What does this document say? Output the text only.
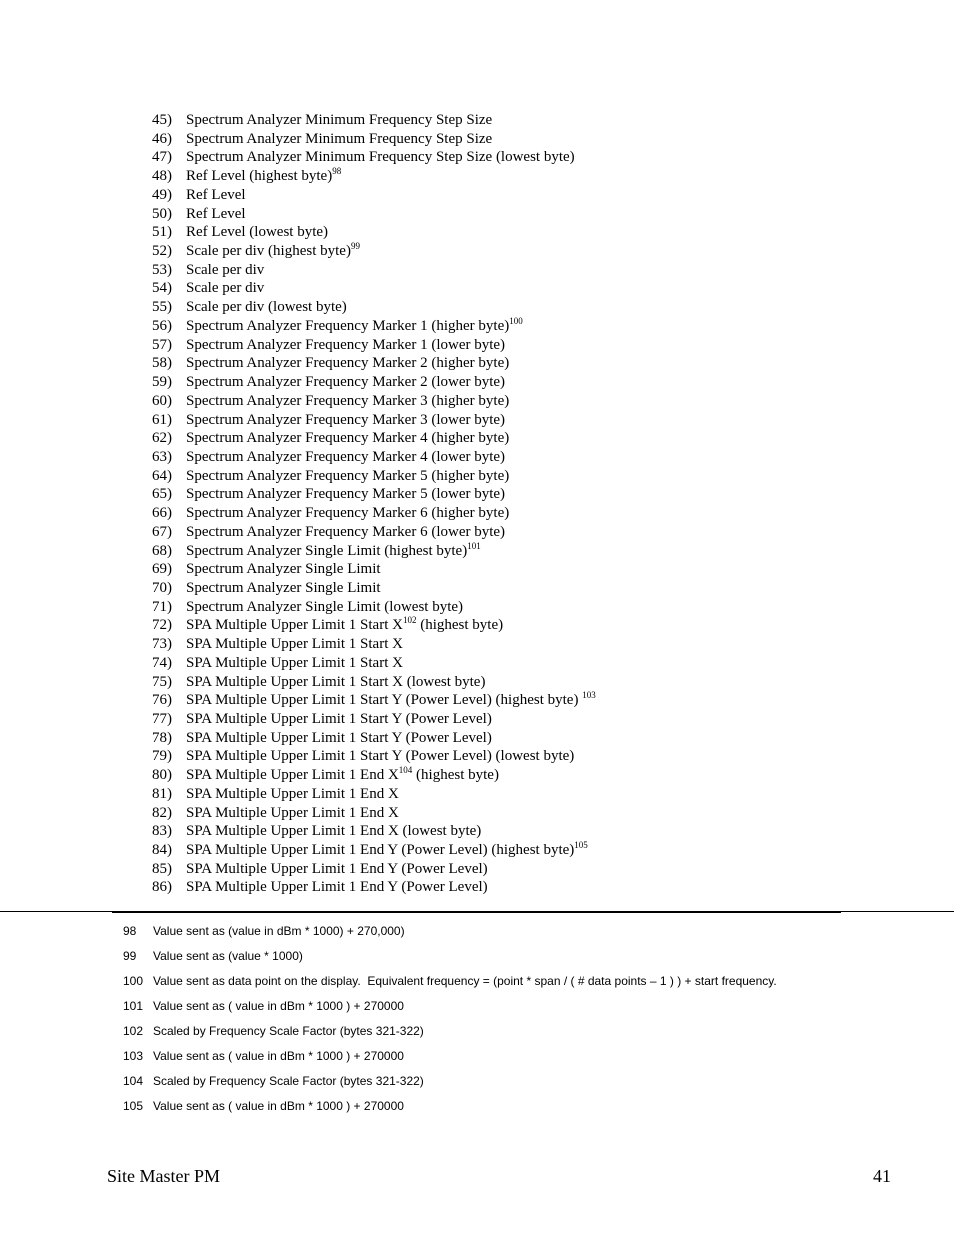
45) Spectrum Analyzer Minimum Frequency Step Size
46) Spectrum Analyzer Minimum Frequency Step Size
47) Spectrum Analyzer Minimum Frequency Step Size (lowest byte)
48) Ref Level (highest byte)$^{98}$
49) Ref Level
50) Ref Level
51) Ref Level (lowest byte)
52) Scale per div (highest byte)$^{99}$
53) Scale per div
54) Scale per div
55) Scale per div (lowest byte)
56) Spectrum Analyzer Frequency Marker 1 (higher byte)$^{100}$
57) Spectrum Analyzer Frequency Marker 1 (lower byte)
58) Spectrum Analyzer Frequency Marker 2 (higher byte)
59) Spectrum Analyzer Frequency Marker 2 (lower byte)
60) Spectrum Analyzer Frequency Marker 3 (higher byte)
61) Spectrum Analyzer Frequency Marker 3 (lower byte)
62) Spectrum Analyzer Frequency Marker 4 (higher byte)
63) Spectrum Analyzer Frequency Marker 4 (lower byte)
64) Spectrum Analyzer Frequency Marker 5 (higher byte)
65) Spectrum Analyzer Frequency Marker 5 (lower byte)
66) Spectrum Analyzer Frequency Marker 6 (higher byte)
67) Spectrum Analyzer Frequency Marker 6 (lower byte)
68) Spectrum Analyzer Single Limit (highest byte)$^{101}$
69) Spectrum Analyzer Single Limit
70) Spectrum Analyzer Single Limit
71) Spectrum Analyzer Single Limit (lowest byte)
72) SPA Multiple Upper Limit 1 Start $X^{102}$ (highest byte)
73) SPA Multiple Upper Limit 1 Start X
74) SPA Multiple Upper Limit 1 Start X
75) SPA Multiple Upper Limit 1 Start X (lowest byte)
76) SPA Multiple Upper Limit 1 Start Y (Power Level) (highest byte) $^{103}$
77) SPA Multiple Upper Limit 1 Start Y (Power Level)
78) SPA Multiple Upper Limit 1 Start Y (Power Level)
79) SPA Multiple Upper Limit 1 Start Y (Power Level) (lowest byte)
80) SPA Multiple Upper Limit 1 End $X^{104}$ (highest byte)
81) SPA Multiple Upper Limit 1 End X
82) SPA Multiple Upper Limit 1 End X
83) SPA Multiple Upper Limit 1 End X (lowest byte)
84) SPA Multiple Upper Limit 1 End Y (Power Level) (highest byte)$^{105}$
85) SPA Multiple Upper Limit 1 End Y (Power Level)
86) SPA Multiple Upper Limit 1 End Y (Power Level)
98 Value sent as (value in dBm * 1000) + 270,000)
99 Value sent as (value * 1000)
100 Value sent as data point on the display.  Equivalent frequency = (point * span / ( # data points – 1 ) ) + start frequency.
101 Value sent as ( value in dBm * 1000 ) + 270000
102 Scaled by Frequency Scale Factor (bytes 321-322)
103 Value sent as ( value in dBm * 1000 ) + 270000
104 Scaled by Frequency Scale Factor (bytes 321-322)
105 Value sent as ( value in dBm * 1000 ) + 270000
Site Master PM	41
